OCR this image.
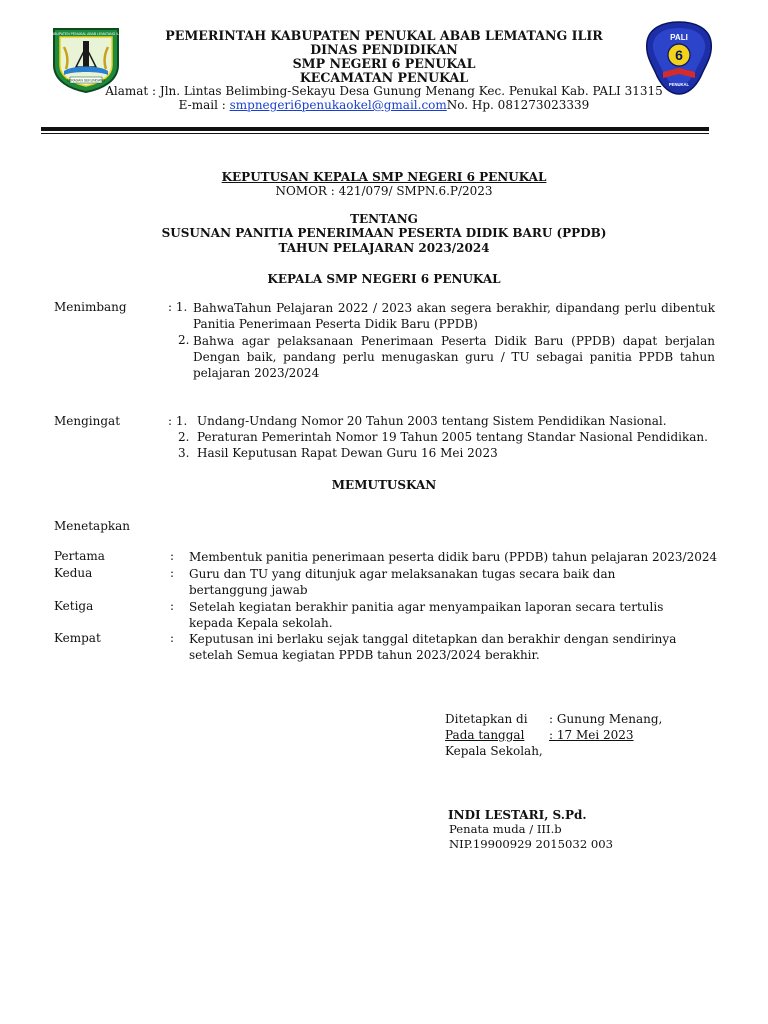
KABUPATEN PENUKAL ABAB LEMATANG ILIR
SERASAN SEKUNDANG
PALI
6
PENUKAL
PEMERINTAH KABUPATEN PENUKAL ABAB LEMATANG ILIR
DINAS PENDIDIKAN
SMP NEGERI 6 PENUKAL
KECAMATAN PENUKAL
Alamat : Jln. Lintas Belimbing-Sekayu Desa Gunung Menang Kec. Penukal Kab. PALI 31315
E-mail : smpnegeri6penukaokel@gmail.comNo. Hp. 081273023339
KEPUTUSAN KEPALA SMP NEGERI 6 PENUKAL
NOMOR : 421/079/ SMPN.6.P/2023
TENTANG
SUSUNAN PANITIA PENERIMAAN PESERTA DIDIK BARU (PPDB)
TAHUN PELAJARAN 2023/2024
KEPALA SMP NEGERI 6 PENUKAL
Menimbang	: 1. BahwaTahun Pelajaran 2022 / 2023 akan segera berakhir, dipandang perlu dibentuk Panitia Penerimaan Peserta Didik Baru (PPDB)
2. Bahwa agar pelaksanaan Penerimaan Peserta Didik Baru (PPDB) dapat berjalan Dengan baik, pandang perlu menugaskan guru / TU sebagai panitia PPDB tahun pelajaran 2023/2024
Mengingat	: 1. Undang-Undang Nomor 20 Tahun 2003 tentang Sistem Pendidikan Nasional.
2. Peraturan Pemerintah Nomor 19 Tahun 2005 tentang Standar Nasional Pendidikan.
3. Hasil Keputusan Rapat Dewan Guru 16 Mei 2023
MEMUTUSKAN
Menetapkan
Pertama	: Membentuk panitia penerimaan peserta didik baru (PPDB) tahun pelajaran 2023/2024
Kedua	: Guru dan TU yang ditunjuk agar melaksanakan tugas secara baik dan bertanggung jawab
Ketiga	: Setelah kegiatan berakhir panitia agar menyampaikan laporan secara tertulis kepada Kepala sekolah.
Kempat	: Keputusan ini berlaku sejak tanggal ditetapkan dan berakhir dengan sendirinya setelah Semua kegiatan PPDB tahun 2023/2024 berakhir.
Ditetapkan di : Gunung Menang,
Pada tanggal	: 17 Mei 2023
Kepala Sekolah,
INDI LESTARI, S.Pd.
Penata muda / III.b
NIP.19900929 2015032 003
